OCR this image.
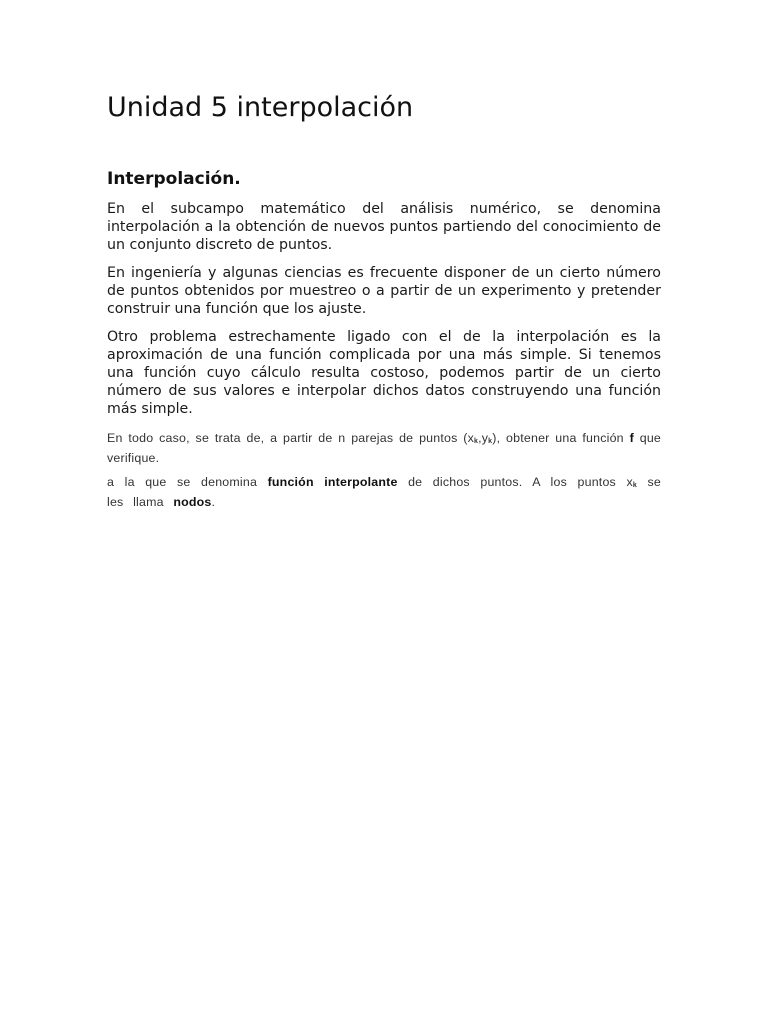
Unidad 5 interpolación
Interpolación.

En el subcampo matemático del análisis numérico, se denomina interpolación a la obtención de nuevos puntos partiendo del conocimiento de un conjunto discreto de puntos.

En ingeniería y algunas ciencias es frecuente disponer de un cierto número de puntos obtenidos por muestreo o a partir de un experimento y pretender construir una función que los ajuste.

Otro problema estrechamente ligado con el de la interpolación es la aproximación de una función complicada por una más simple. Si tenemos una función cuyo cálculo resulta costoso, podemos partir de un cierto número de sus valores e interpolar dichos datos construyendo una función más simple.

En todo caso, se trata de, a partir de n parejas de puntos (xk,yk), obtener una función f que verifique.

a la que se denomina función interpolante de dichos puntos. A los puntos xk se les llama nodos.
